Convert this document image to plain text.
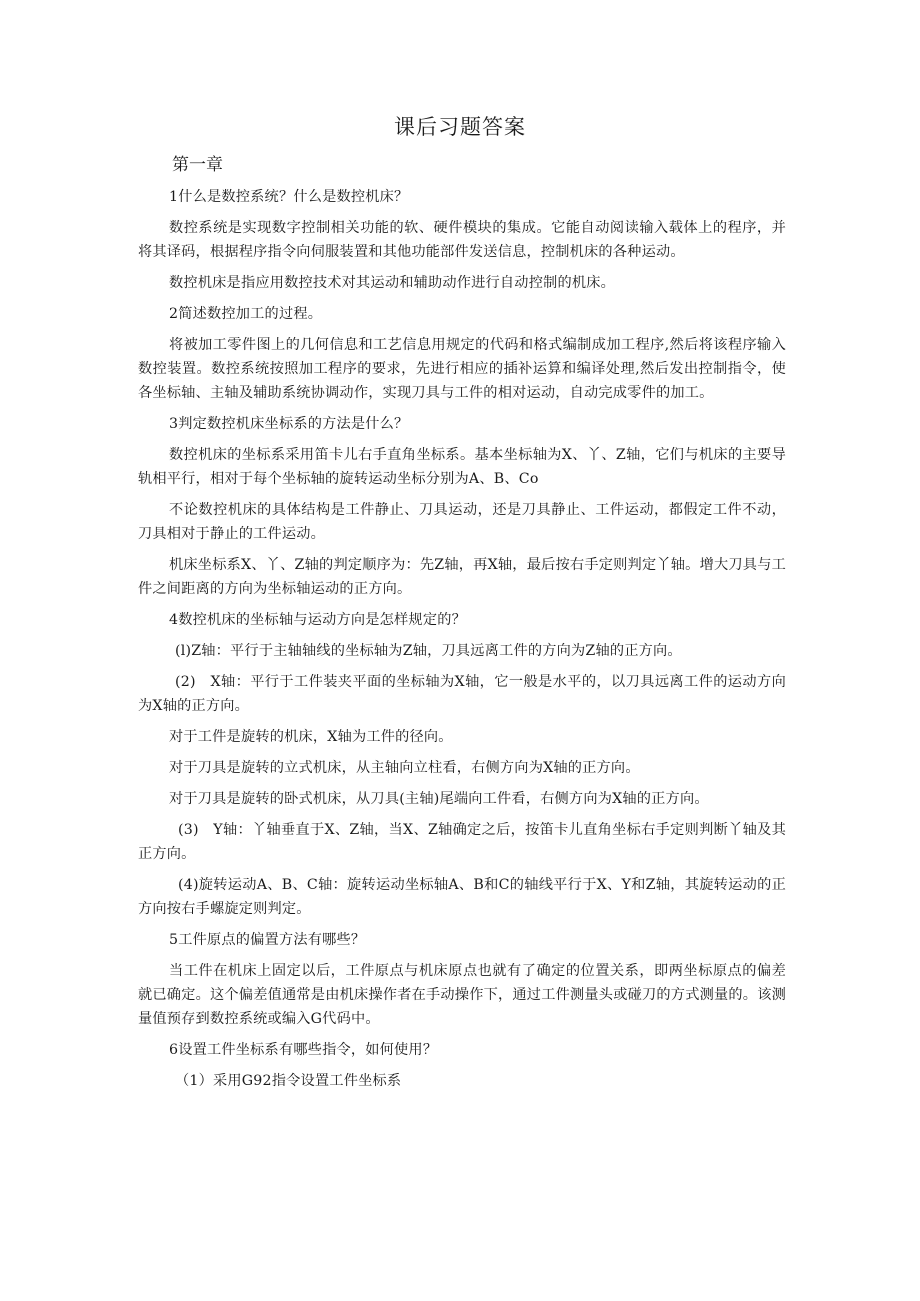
课后习题答案
第一章

1什么是数控系统？什么是数控机床？

数控系统是实现数字控制相关功能的软、硬件模块的集成。它能自动阅读输入载体上的程序，并将其译码，根据程序指令向伺服装置和其他功能部件发送信息，控制机床的各种运动。

数控机床是指应用数控技术对其运动和辅助动作进行自动控制的机床。

2简述数控加工的过程。

将被加工零件图上的几何信息和工艺信息用规定的代码和格式编制成加工程序,然后将该程序输入数控装置。数控系统按照加工程序的要求，先进行相应的插补运算和编译处理,然后发出控制指令，使各坐标轴、主轴及辅助系统协调动作，实现刀具与工件的相对运动，自动完成零件的加工。

3判定数控机床坐标系的方法是什么？

数控机床的坐标系采用笛卡儿右手直角坐标系。基本坐标轴为X、丫、Z轴，它们与机床的主要导轨相平行，相对于每个坐标轴的旋转运动坐标分别为A、B、Co

不论数控机床的具体结构是工件静止、刀具运动，还是刀具静止、工件运动，都假定工件不动，刀具相对于静止的工件运动。

机床坐标系X、丫、Z轴的判定顺序为：先Z轴，再X轴，最后按右手定则判定丫轴。增大刀具与工件之间距离的方向为坐标轴运动的正方向。

4数控机床的坐标轴与运动方向是怎样规定的？

(l)Z轴：平行于主轴轴线的坐标轴为Z轴，刀具远离工件的方向为Z轴的正方向。

(2)　X轴：平行于工件装夹平面的坐标轴为X轴，它一般是水平的，以刀具远离工件的运动方向为X轴的正方向。

对于工件是旋转的机床，X轴为工件的径向。

对于刀具是旋转的立式机床，从主轴向立柱看，右侧方向为X轴的正方向。

对于刀具是旋转的卧式机床，从刀具(主轴)尾端向工件看，右侧方向为X轴的正方向。

(3)　Y轴：丫轴垂直于X、Z轴，当X、Z轴确定之后，按笛卡儿直角坐标右手定则判断丫轴及其正方向。

(4)旋转运动A、B、C轴：旋转运动坐标轴A、B和C的轴线平行于X、Y和Z轴，其旋转运动的正方向按右手螺旋定则判定。

5工件原点的偏置方法有哪些？

当工件在机床上固定以后，工件原点与机床原点也就有了确定的位置关系，即两坐标原点的偏差就已确定。这个偏差值通常是由机床操作者在手动操作下，通过工件测量头或碰刀的方式测量的。该测量值预存到数控系统或编入G代码中。

6设置工件坐标系有哪些指令，如何使用？

（1）采用G92指令设置工件坐标系
